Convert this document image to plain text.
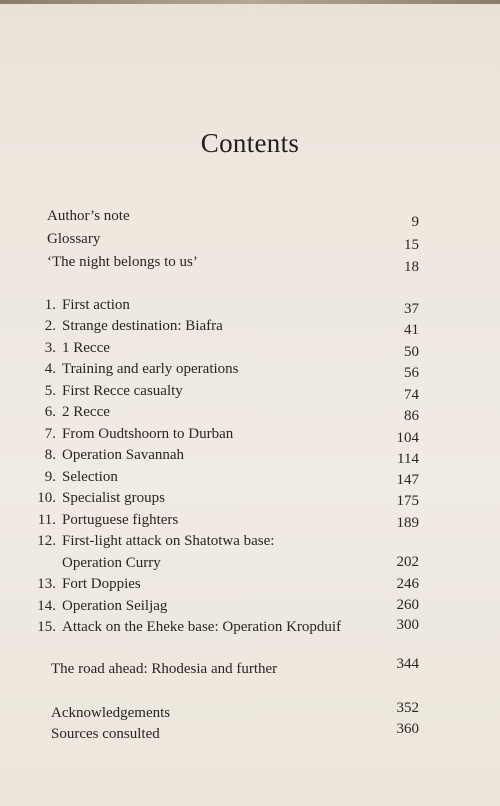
Contents
Author’s note	9
Glossary	15
‘The night belongs to us’	18
1. First action	37
2. Strange destination: Biafra	41
3. 1 Recce	50
4. Training and early operations	56
5. First Recce casualty	74
6. 2 Recce	86
7. From Oudtshoorn to Durban	104
8. Operation Savannah	114
9. Selection	147
10. Specialist groups	175
11. Portuguese fighters	189
12. First-light attack on Shatotwa base:
Operation Curry	202
13. Fort Doppies	246
14. Operation Seiljag	260
15. Attack on the Eheke base: Operation Kropduif	300
The road ahead: Rhodesia and further	344
Acknowledgements	352
Sources consulted	360
